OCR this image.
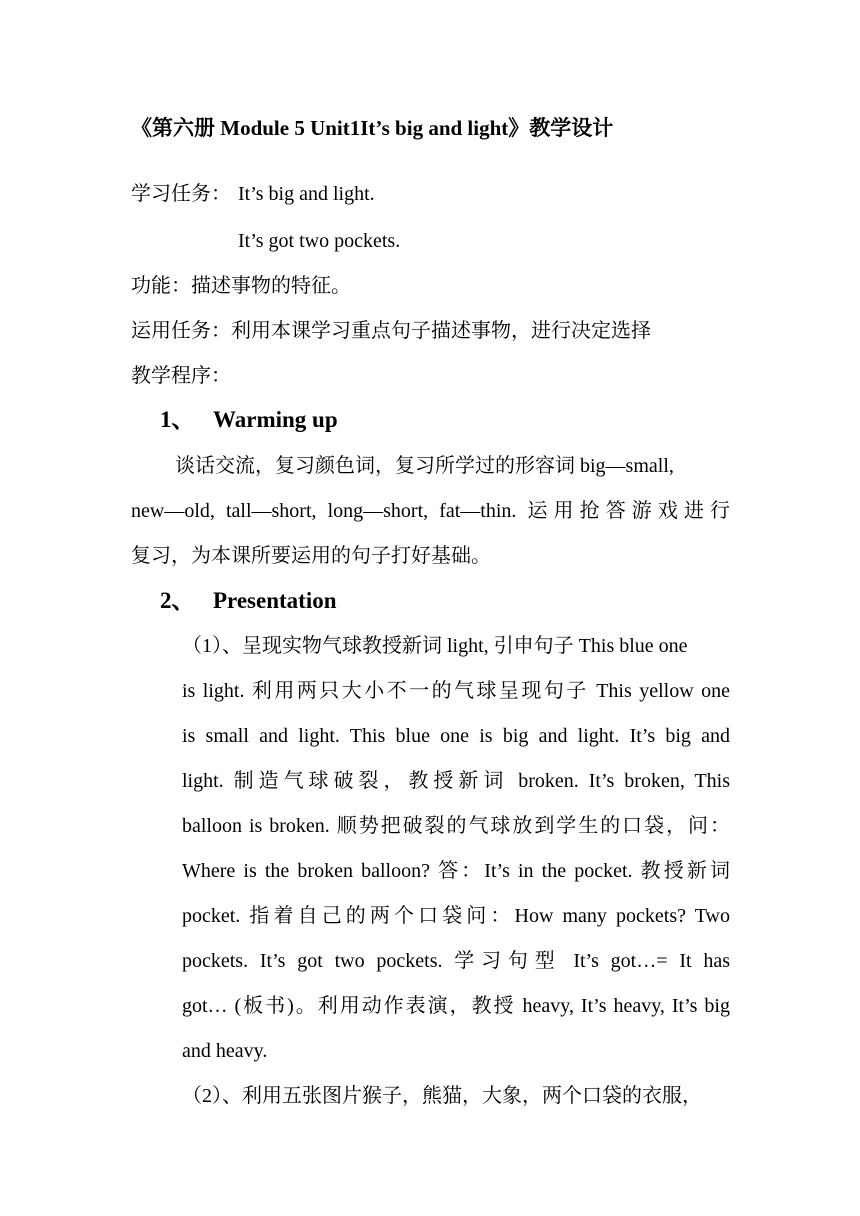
《第六册 Module 5 Unit1It’s big and light》教学设计
学习任务： It’s big and light.
It’s got two pockets.
功能：描述事物的特征。
运用任务：利用本课学习重点句子描述事物，进行决定选择
教学程序：
1、 Warming up
谈话交流，复习颜色词，复习所学过的形容词 big—small,
new—old, tall—short, long—short, fat—thin. 运用抢答游戏进行
复习，为本课所要运用的句子打好基础。
2、 Presentation
（1）、呈现实物气球教授新词 light, 引申句子 This blue one
is light. 利用两只大小不一的气球呈现句子 This yellow one
is small and light. This blue one is big and light. It’s big and
light. 制造气球破裂，教授新词 broken. It’s broken, This
balloon is broken. 顺势把破裂的气球放到学生的口袋，问：
Where is the broken balloon? 答：It’s in the pocket. 教授新词
pocket. 指着自己的两个口袋问：How many pockets? Two
pockets. It’s got two pockets. 学习句型 It’s got…= It has
got… (板书)。利用动作表演，教授 heavy, It’s heavy, It’s big
and heavy.
（2）、利用五张图片猴子，熊猫，大象，两个口袋的衣服，
